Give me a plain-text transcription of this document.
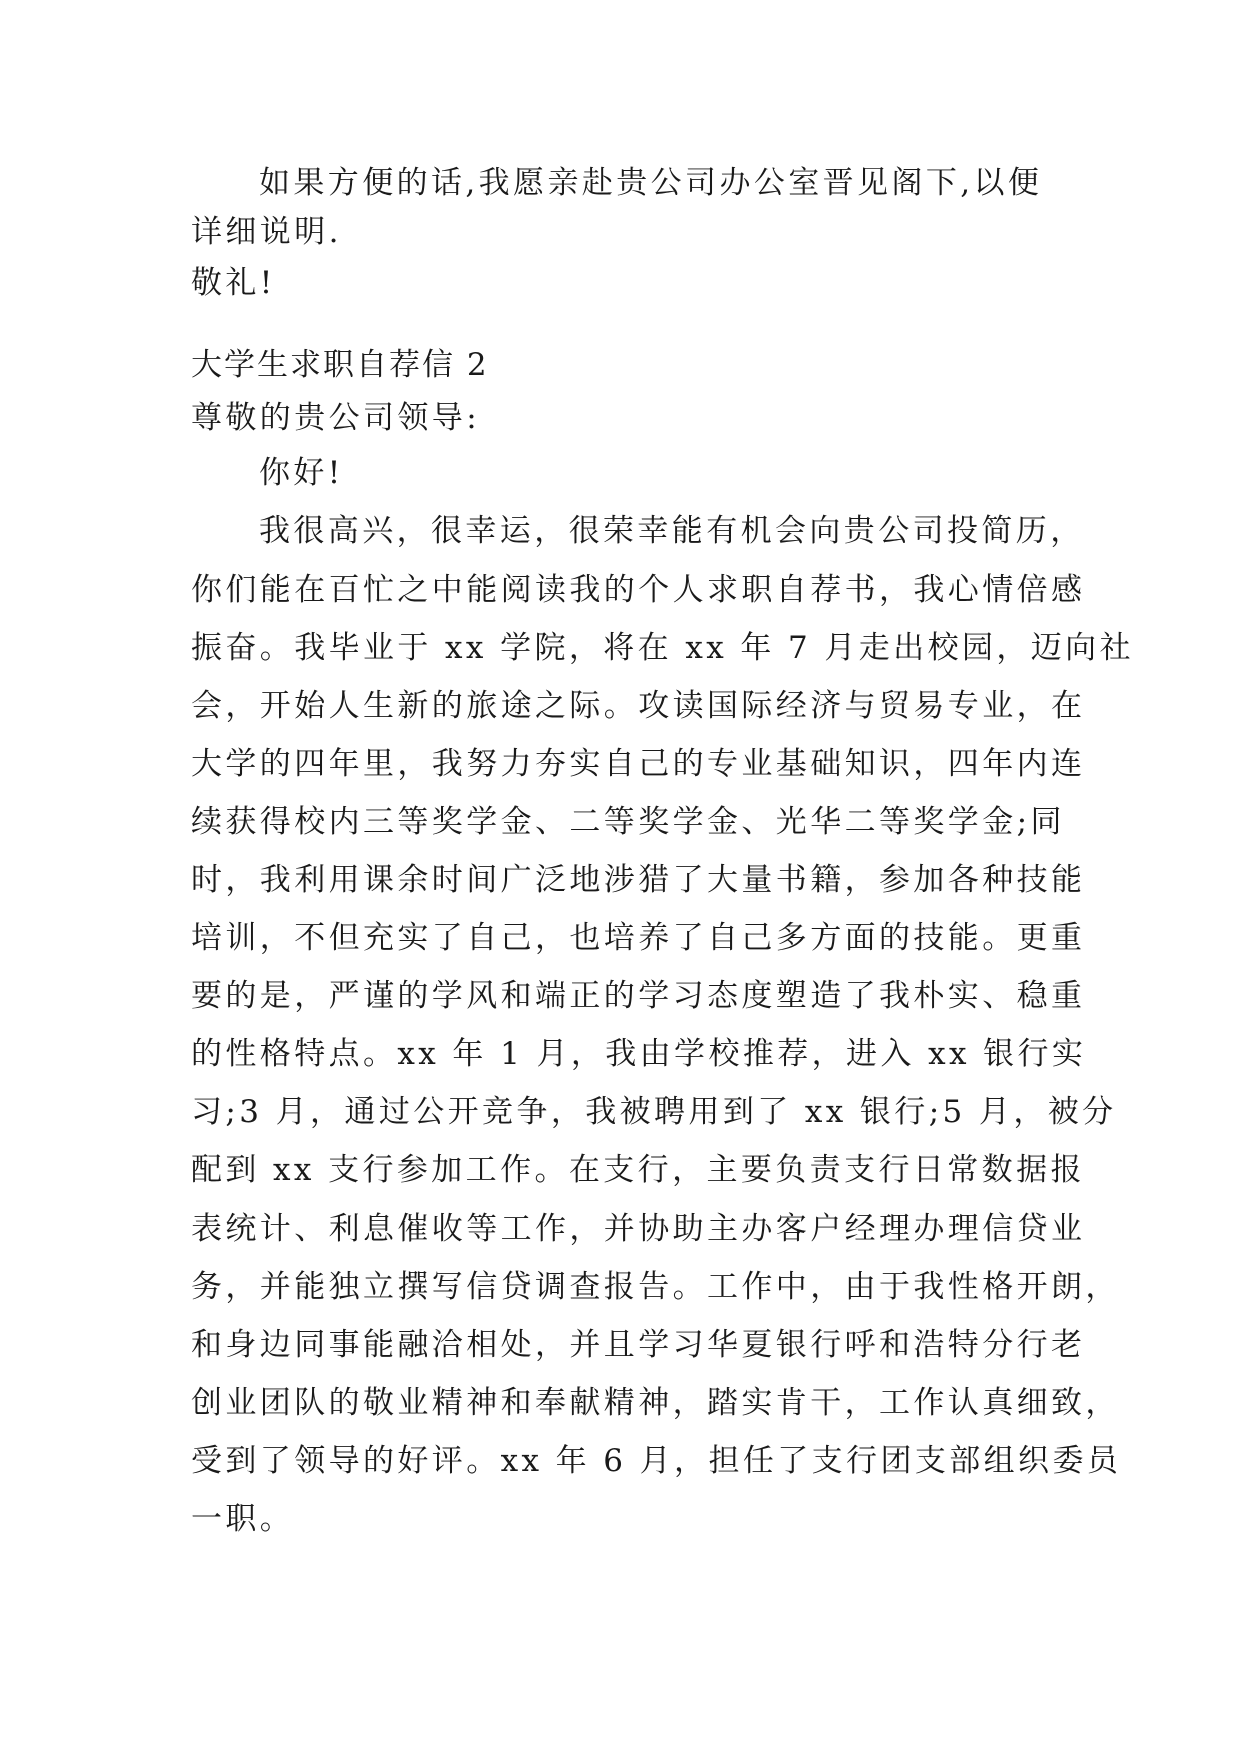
如果方便的话,我愿亲赴贵公司办公室晋见阁下,以便
详细说明.
敬礼!
大学生求职自荐信 2
尊敬的贵公司领导:
你好!
我很高兴，很幸运，很荣幸能有机会向贵公司投简历，
你们能在百忙之中能阅读我的个人求职自荐书，我心情倍感
振奋。我毕业于 xx 学院，将在 xx 年 7 月走出校园，迈向社
会，开始人生新的旅途之际。攻读国际经济与贸易专业，在
大学的四年里，我努力夯实自己的专业基础知识，四年内连
续获得校内三等奖学金、二等奖学金、光华二等奖学金;同
时，我利用课余时间广泛地涉猎了大量书籍，参加各种技能
培训，不但充实了自己，也培养了自己多方面的技能。更重
要的是，严谨的学风和端正的学习态度塑造了我朴实、稳重
的性格特点。xx 年 1 月，我由学校推荐，进入 xx 银行实
习;3 月，通过公开竞争，我被聘用到了 xx 银行;5 月，被分
配到 xx 支行参加工作。在支行，主要负责支行日常数据报
表统计、利息催收等工作，并协助主办客户经理办理信贷业
务，并能独立撰写信贷调查报告。工作中，由于我性格开朗，
和身边同事能融洽相处，并且学习华夏银行呼和浩特分行老
创业团队的敬业精神和奉献精神，踏实肯干，工作认真细致，
受到了领导的好评。xx 年 6 月，担任了支行团支部组织委员
一职。
